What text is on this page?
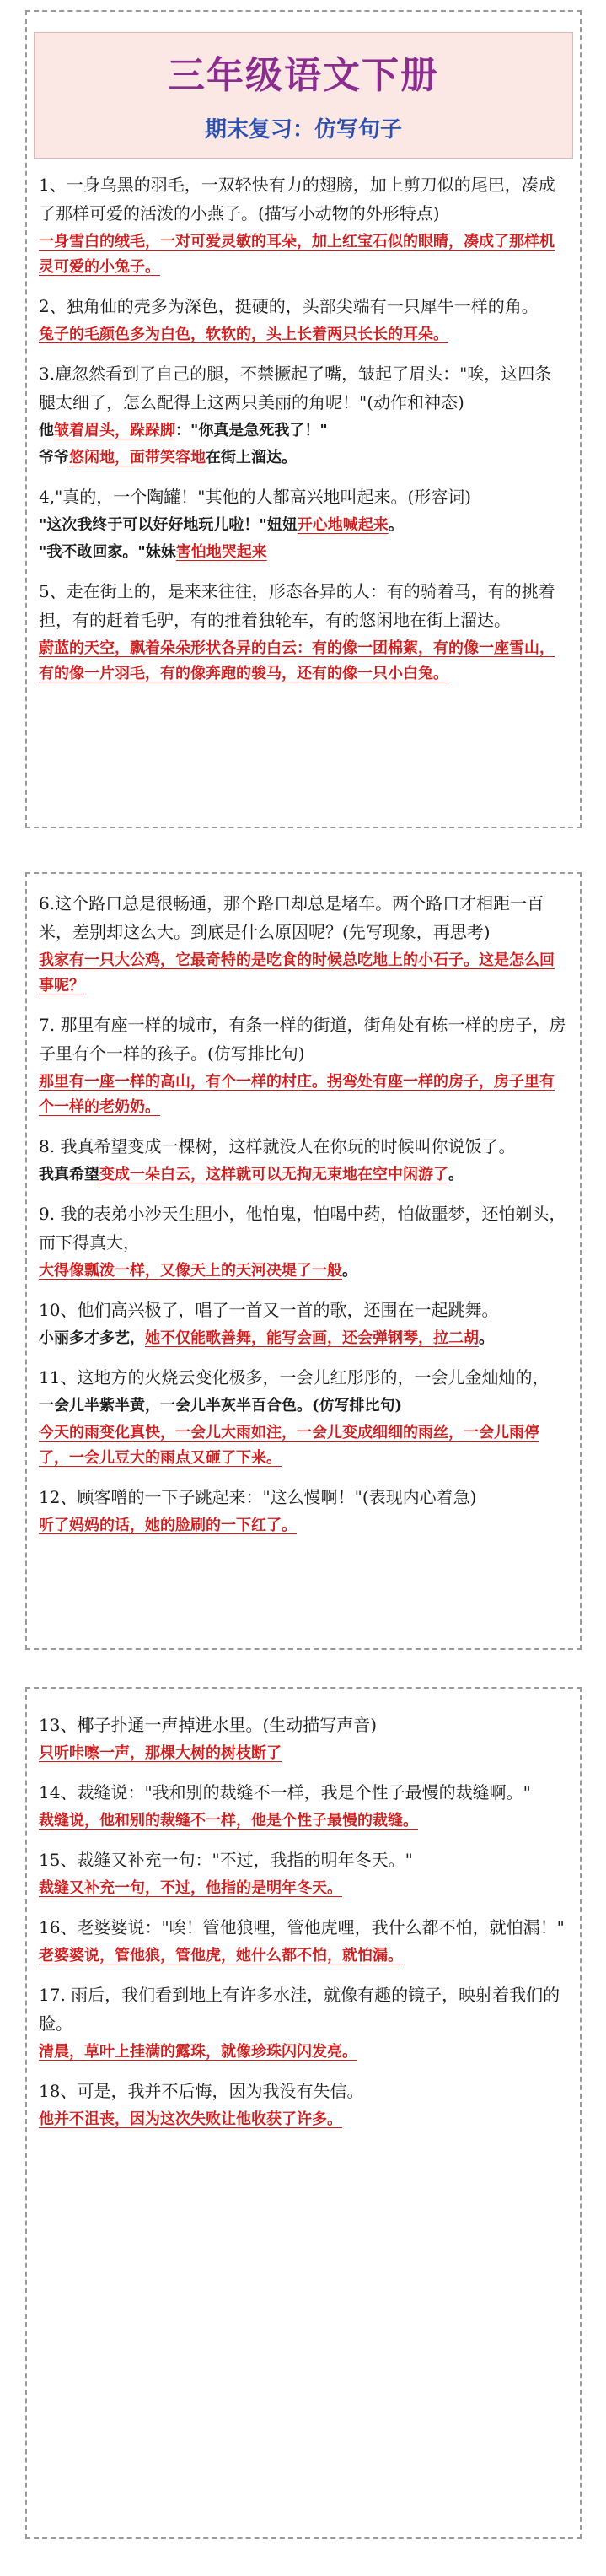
三年级语文下册
期末复习：仿写句子

1、一身乌黑的羽毛，一双轻快有力的翅膀，加上剪刀似的尾巴，凑成了那样可爱的活泼的小燕子。(描写小动物的外形特点)

一身雪白的绒毛，一对可爱灵敏的耳朵，加上红宝石似的眼睛，凑成了那样机灵可爱的小兔子。

2、独角仙的壳多为深色，挺硬的，头部尖端有一只犀牛一样的角。

兔子的毛颜色多为白色，软软的，头上长着两只长长的耳朵。

3.鹿忽然看到了自己的腿，不禁撅起了嘴，皱起了眉头："唉，这四条腿太细了，怎么配得上这两只美丽的角呢！"(动作和神态)

他皱着眉头，跺跺脚："你真是急死我了！"

爷爷悠闲地，面带笑容地在街上溜达。

4,"真的，一个陶罐！"其他的人都高兴地叫起来。(形容词)

"这次我终于可以好好地玩儿啦！"妞妞开心地喊起来。

"我不敢回家。"妹妹害怕地哭起来

5、走在街上的，是来来往往，形态各异的人：有的骑着马，有的挑着担，有的赶着毛驴，有的推着独轮车，有的悠闲地在街上溜达。

蔚蓝的天空，飘着朵朵形状各异的白云：有的像一团棉絮，有的像一座雪山，有的像一片羽毛，有的像奔跑的骏马，还有的像一只小白兔。

6.这个路口总是很畅通，那个路口却总是堵车。两个路口才相距一百米，差别却这么大。到底是什么原因呢？(先写现象，再思考)

我家有一只大公鸡，它最奇特的是吃食的时候总吃地上的小石子。这是怎么回事呢？

7. 那里有座一样的城市，有条一样的街道，街角处有栋一样的房子，房子里有个一样的孩子。(仿写排比句)

那里有一座一样的高山，有个一样的村庄。拐弯处有座一样的房子，房子里有个一样的老奶奶。

8. 我真希望变成一棵树，这样就没人在你玩的时候叫你说饭了。

我真希望变成一朵白云，这样就可以无拘无束地在空中闲游了。

9. 我的表弟小沙天生胆小，他怕鬼，怕喝中药，怕做噩梦，还怕剃头，而下得真大，

大得像瓢泼一样，又像天上的天河决堤了一般。

10、他们高兴极了，唱了一首又一首的歌，还围在一起跳舞。

小丽多才多艺，她不仅能歌善舞，能写会画，还会弹钢琴，拉二胡。

11、这地方的火烧云变化极多，一会儿红彤彤的，一会儿金灿灿的，

一会儿半紫半黄，一会儿半灰半百合色。(仿写排比句)

今天的雨变化真快，一会儿大雨如注，一会儿变成细细的雨丝，一会儿雨停了，一会儿豆大的雨点又砸了下来。

12、顾客噌的一下子跳起来："这么慢啊！"(表现内心着急)

听了妈妈的话，她的脸刷的一下红了。

13、椰子扑通一声掉进水里。(生动描写声音)

只听咔嚓一声，那棵大树的树枝断了

14、裁缝说："我和别的裁缝不一样，我是个性子最慢的裁缝啊。"

裁缝说，他和别的裁缝不一样，他是个性子最慢的裁缝。

15、裁缝又补充一句："不过，我指的明年冬天。"

裁缝又补充一句，不过，他指的是明年冬天。

16、老婆婆说："唉！管他狼哩，管他虎哩，我什么都不怕，就怕漏！"

老婆婆说，管他狼，管他虎，她什么都不怕，就怕漏。

17. 雨后，我们看到地上有许多水洼，就像有趣的镜子，映射着我们的脸。

清晨，草叶上挂满的露珠，就像珍珠闪闪发亮。

18、可是，我并不后悔，因为我没有失信。

他并不沮丧，因为这次失败让他收获了许多。
